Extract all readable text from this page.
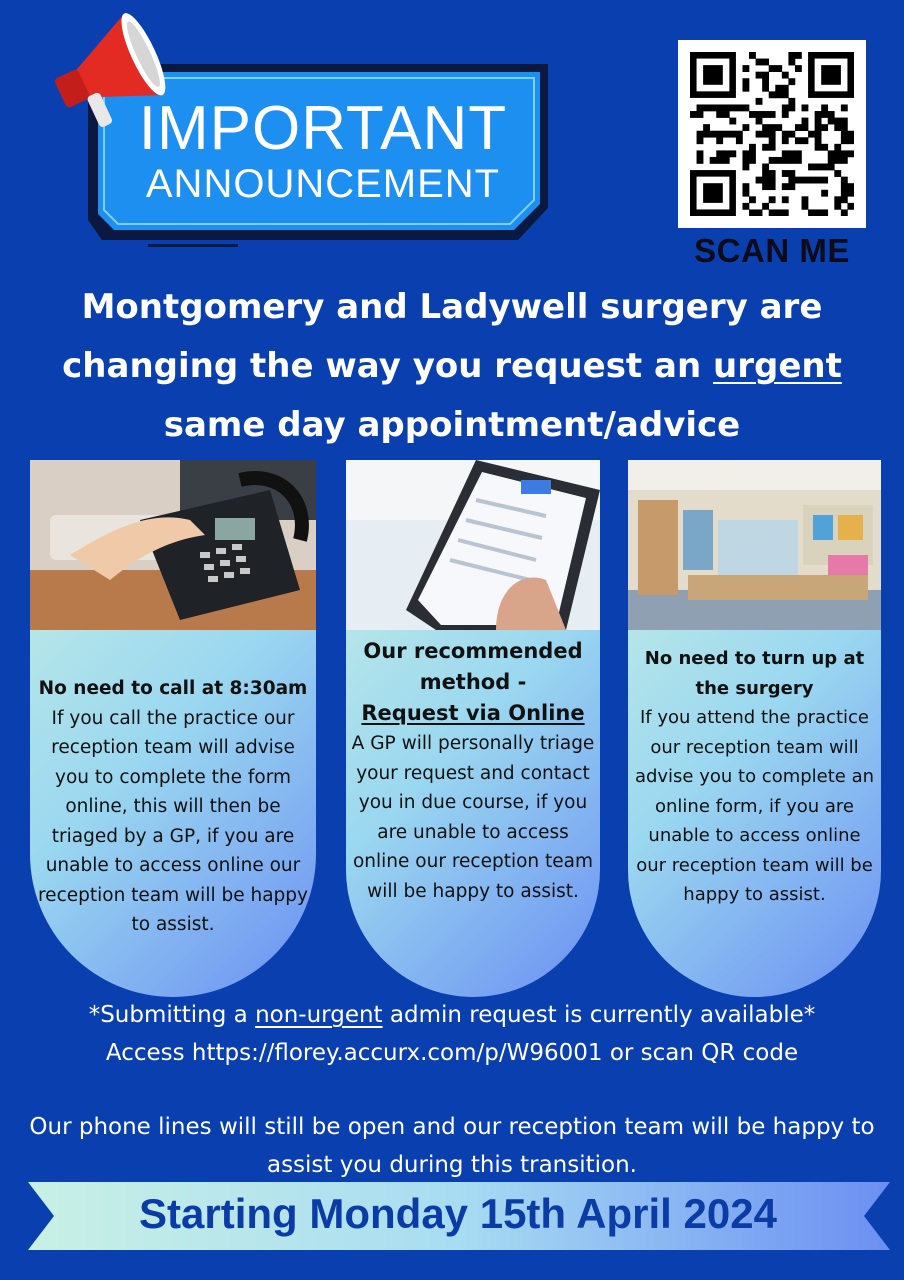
IMPORTANT
ANNOUNCEMENT
SCAN ME
Montgomery and Ladywell surgery are changing the way you request an urgent same day appointment/advice
No need to call at 8:30am
If you call the practice our reception team will advise you to complete the form online, this will then be triaged by a GP, if you are unable to access online our reception team will be happy to assist.
Our recommended method -
Request via Online
A GP will personally triage your request and contact you in due course, if you are unable to access online our reception team will be happy to assist.
No need to turn up at the surgery
If you attend the practice our reception team will advise you to complete an online form, if you are unable to access online our reception team will be happy to assist.
*Submitting a non-urgent admin request is currently available*
Access https://florey.accurx.com/p/W96001 or scan QR code
Our phone lines will still be open and our reception team will be happy to assist you during this transition.
Starting Monday 15th April 2024
